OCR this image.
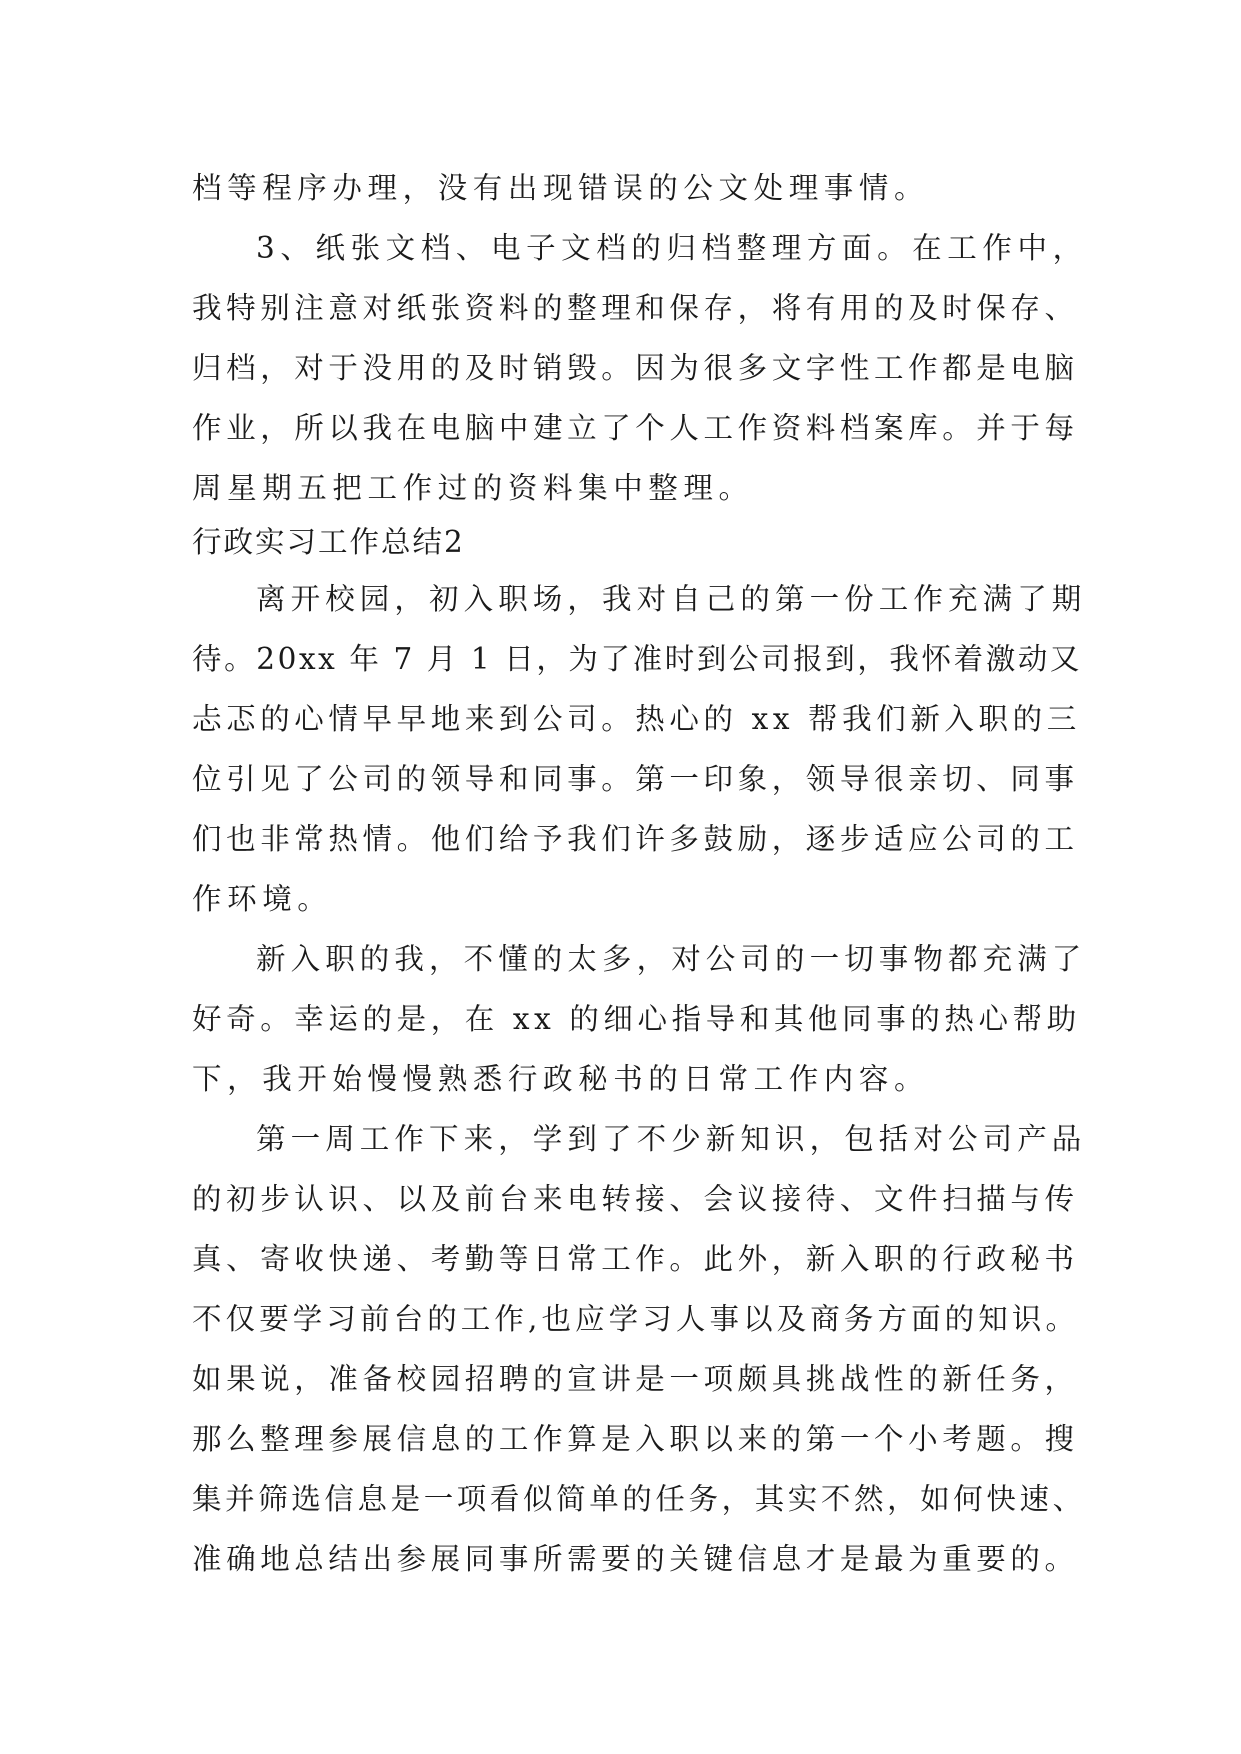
档等程序办理，没有出现错误的公文处理事情。
3、纸张文档、电子文档的归档整理方面。在工作中，
我特别注意对纸张资料的整理和保存，将有用的及时保存、
归档，对于没用的及时销毁。因为很多文字性工作都是电脑
作业，所以我在电脑中建立了个人工作资料档案库。并于每
周星期五把工作过的资料集中整理。
行政实习工作总结2
离开校园，初入职场，我对自己的第一份工作充满了期
待。20xx 年 7 月 1 日，为了准时到公司报到，我怀着激动又
忐忑的心情早早地来到公司。热心的 xx 帮我们新入职的三
位引见了公司的领导和同事。第一印象，领导很亲切、同事
们也非常热情。他们给予我们许多鼓励，逐步适应公司的工
作环境。
新入职的我，不懂的太多，对公司的一切事物都充满了
好奇。幸运的是，在 xx 的细心指导和其他同事的热心帮助
下，我开始慢慢熟悉行政秘书的日常工作内容。
第一周工作下来，学到了不少新知识，包括对公司产品
的初步认识、以及前台来电转接、会议接待、文件扫描与传
真、寄收快递、考勤等日常工作。此外，新入职的行政秘书
不仅要学习前台的工作,也应学习人事以及商务方面的知识。
如果说，准备校园招聘的宣讲是一项颇具挑战性的新任务，
那么整理参展信息的工作算是入职以来的第一个小考题。搜
集并筛选信息是一项看似简单的任务，其实不然，如何快速、
准确地总结出参展同事所需要的关键信息才是最为重要的。
